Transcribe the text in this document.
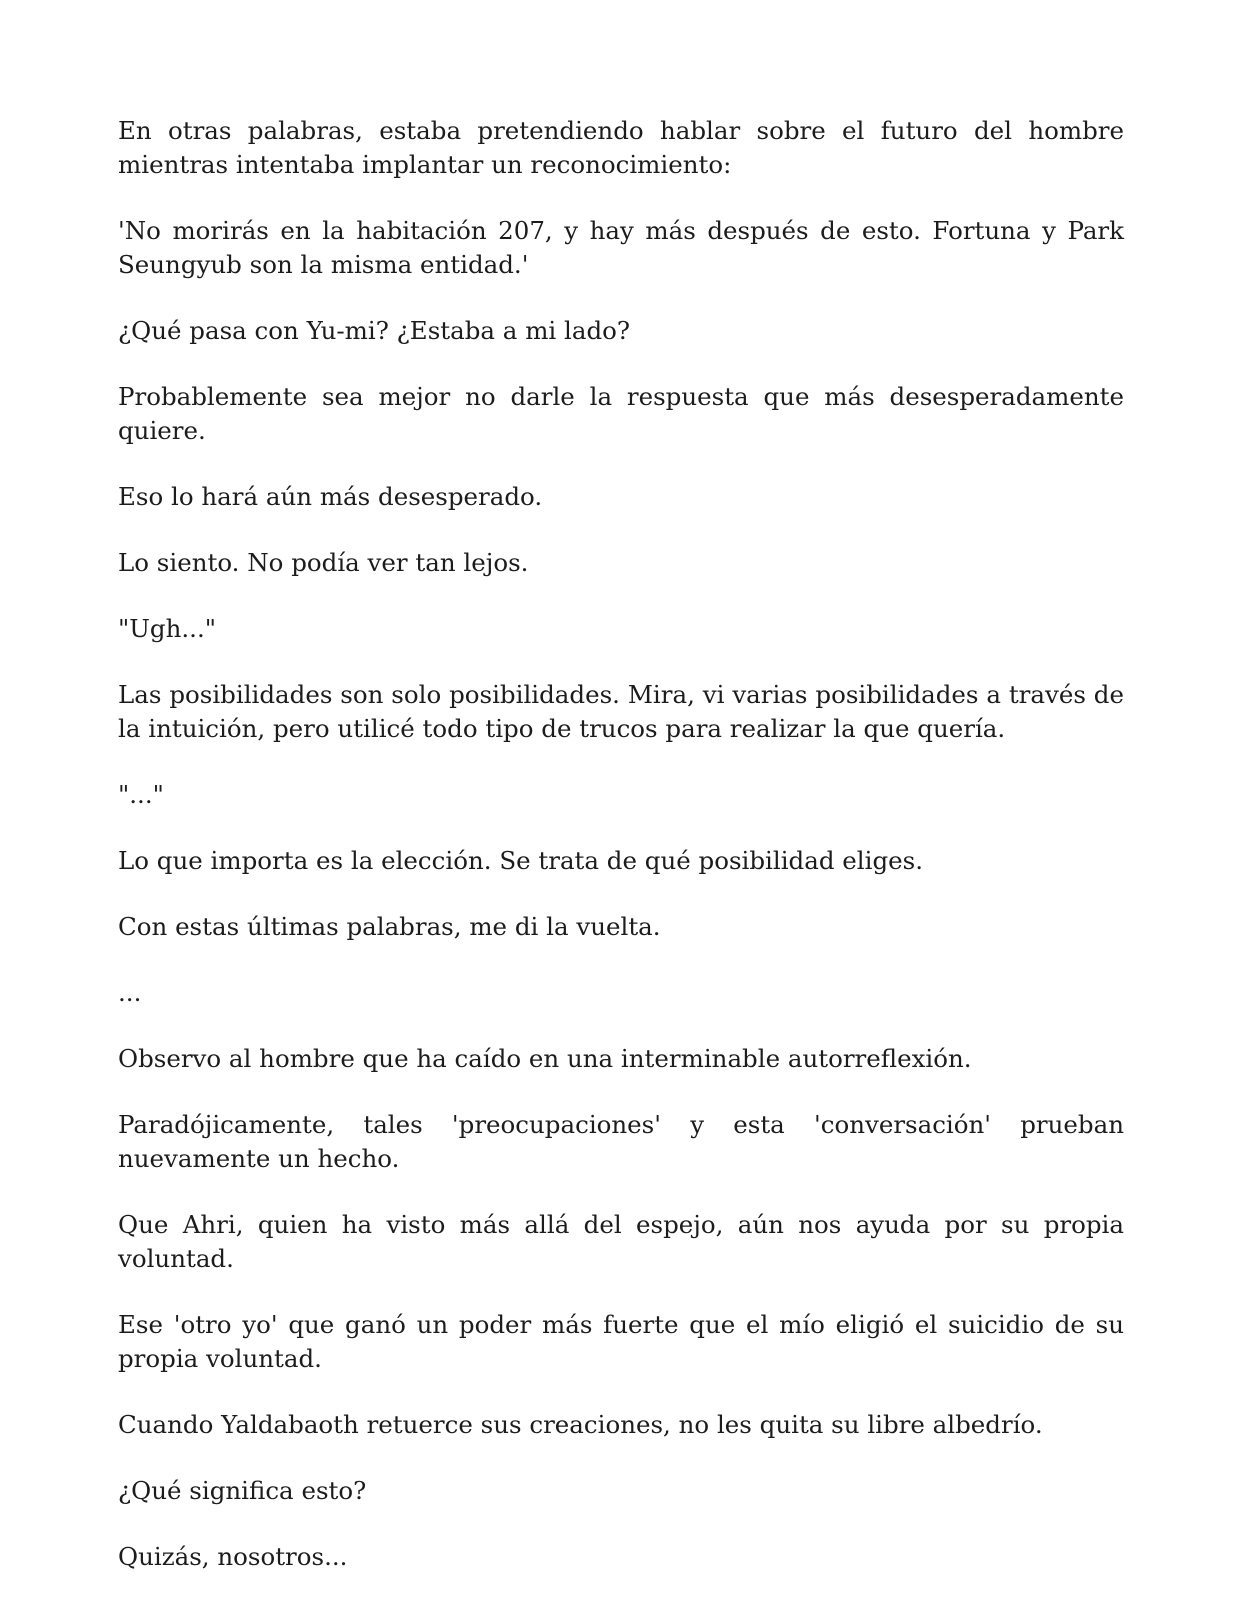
En otras palabras, estaba pretendiendo hablar sobre el futuro del hombre mientras intentaba implantar un reconocimiento:

'No morirás en la habitación 207, y hay más después de esto. Fortuna y Park Seungyub son la misma entidad.'

¿Qué pasa con Yu-mi? ¿Estaba a mi lado?

Probablemente sea mejor no darle la respuesta que más desesperadamente quiere.

Eso lo hará aún más desesperado.

Lo siento. No podía ver tan lejos.

"Ugh..."

Las posibilidades son solo posibilidades. Mira, vi varias posibilidades a través de la intuición, pero utilicé todo tipo de trucos para realizar la que quería.

"..."

Lo que importa es la elección. Se trata de qué posibilidad eliges.

Con estas últimas palabras, me di la vuelta.

...

Observo al hombre que ha caído en una interminable autorreflexión.

Paradójicamente, tales 'preocupaciones' y esta 'conversación' prueban nuevamente un hecho.

Que Ahri, quien ha visto más allá del espejo, aún nos ayuda por su propia voluntad.

Ese 'otro yo' que ganó un poder más fuerte que el mío eligió el suicidio de su propia voluntad.

Cuando Yaldabaoth retuerce sus creaciones, no les quita su libre albedrío.

¿Qué significa esto?

Quizás, nosotros...
